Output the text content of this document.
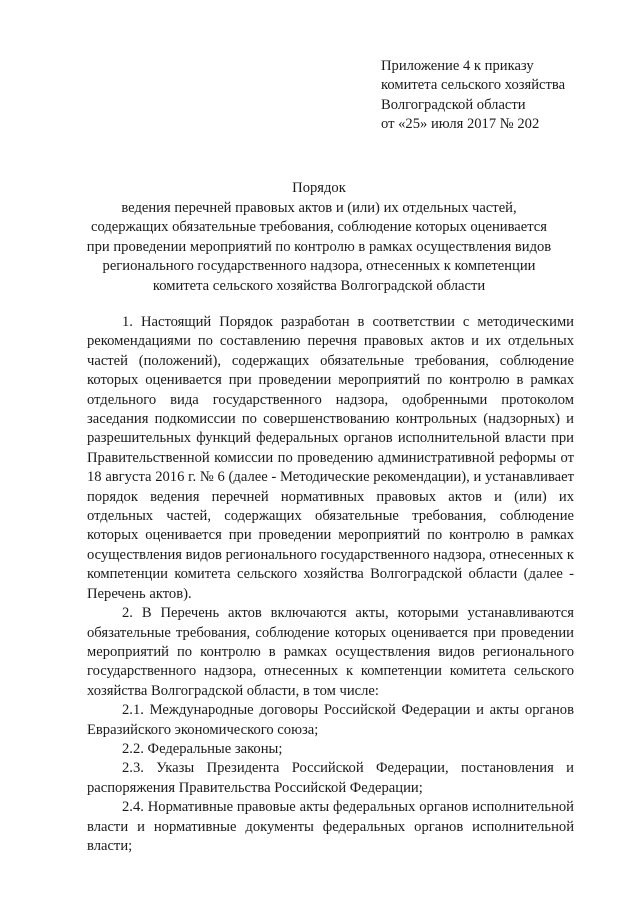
Приложение 4 к приказу
комитета сельского хозяйства
Волгоградской области
от «25» июля 2017 № 202
Порядок
ведения перечней правовых актов и (или) их отдельных частей,
содержащих обязательные требования, соблюдение которых оценивается
при проведении мероприятий по контролю в рамках осуществления видов
регионального государственного надзора, отнесенных к компетенции
комитета сельского хозяйства Волгоградской области

1. Настоящий Порядок разработан в соответствии с методическими рекомендациями по составлению перечня правовых актов и их отдельных частей (положений), содержащих обязательные требования, соблюдение которых оценивается при проведении мероприятий по контролю в рамках отдельного вида государственного надзора, одобренными протоколом заседания подкомиссии по совершенствованию контрольных (надзорных) и разрешительных функций федеральных органов исполнительной власти при Правительственной комиссии по проведению административной реформы от 18 августа 2016 г. № 6 (далее - Методические рекомендации), и устанавливает порядок ведения перечней нормативных правовых актов и (или) их отдельных частей, содержащих обязательные требования, соблюдение которых оценивается при проведении мероприятий по контролю в рамках осуществления видов регионального государственного надзора, отнесенных к компетенции комитета сельского хозяйства Волгоградской области (далее - Перечень актов).

2. В Перечень актов включаются акты, которыми устанавливаются обязательные требования, соблюдение которых оценивается при проведении мероприятий по контролю в рамках осуществления видов регионального государственного надзора, отнесенных к компетенции комитета сельского хозяйства Волгоградской области, в том числе:

2.1. Международные договоры Российской Федерации и акты органов Евразийского экономического союза;

2.2. Федеральные законы;

2.3. Указы Президента Российской Федерации, постановления и распоряжения Правительства Российской Федерации;

2.4. Нормативные правовые акты федеральных органов исполнительной власти и нормативные документы федеральных органов исполнительной власти;
